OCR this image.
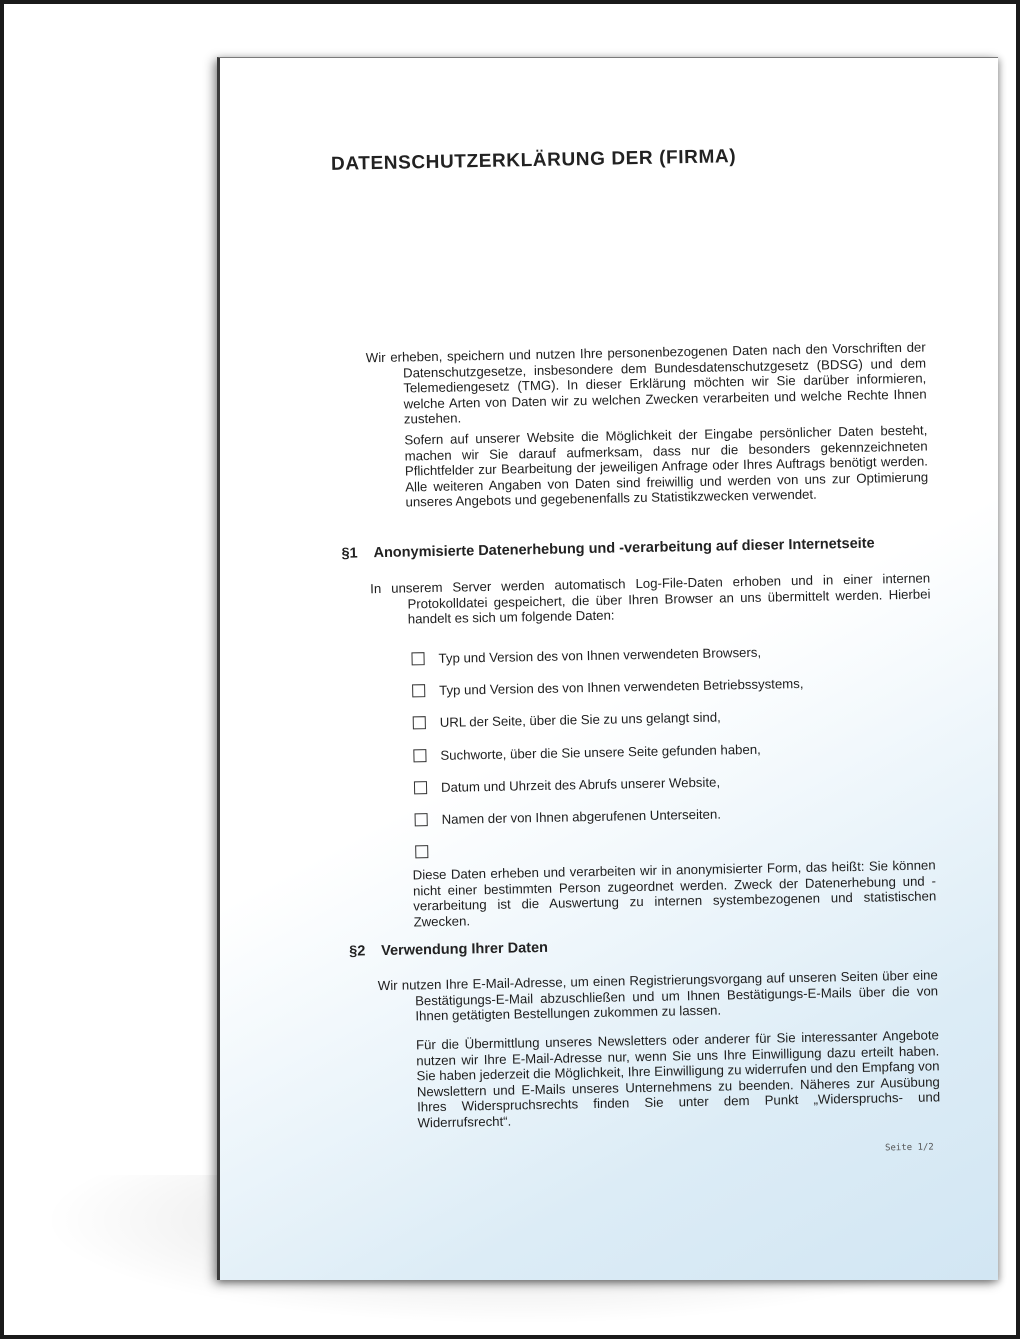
DATENSCHUTZERKLÄRUNG DER (FIRMA)
Wir erheben, speichern und nutzen Ihre personenbezogenen Daten nach den Vorschriften der Datenschutzgesetze, insbesondere dem Bundesdatenschutzgesetz (BDSG) und dem Telemediengesetz (TMG). In dieser Erklärung möchten wir Sie darüber informieren, welche Arten von Daten wir zu welchen Zwecken verarbeiten und welche Rechte Ihnen zustehen.
Sofern auf unserer Website die Möglichkeit der Eingabe persönlicher Daten besteht, machen wir Sie darauf aufmerksam, dass nur die besonders gekennzeichneten Pflichtfelder zur Bearbeitung der jeweiligen Anfrage oder Ihres Auftrags benötigt werden. Alle weiteren Angaben von Daten sind freiwillig und werden von uns zur Optimierung unseres Angebots und gegebenenfalls zu Statistikzwecken verwendet.
§1 Anonymisierte Datenerhebung und -verarbeitung auf dieser Internetseite
In unserem Server werden automatisch Log-File-Daten erhoben und in einer internen Protokolldatei gespeichert, die über Ihren Browser an uns übermittelt werden. Hierbei handelt es sich um folgende Daten:
Typ und Version des von Ihnen verwendeten Browsers,
Typ und Version des von Ihnen verwendeten Betriebssystems,
URL der Seite, über die Sie zu uns gelangt sind,
Suchworte, über die Sie unsere Seite gefunden haben,
Datum und Uhrzeit des Abrufs unserer Website,
Namen der von Ihnen abgerufenen Unterseiten.
Diese Daten erheben und verarbeiten wir in anonymisierter Form, das heißt: Sie können nicht einer bestimmten Person zugeordnet werden. Zweck der Datenerhebung und -verarbeitung ist die Auswertung zu internen systembezogenen und statistischen Zwecken.
§2 Verwendung Ihrer Daten
Wir nutzen Ihre E-Mail-Adresse, um einen Registrierungsvorgang auf unseren Seiten über eine Bestätigungs-E-Mail abzuschließen und um Ihnen Bestätigungs-E-Mails über die von Ihnen getätigten Bestellungen zukommen zu lassen.
Für die Übermittlung unseres Newsletters oder anderer für Sie interessanter Angebote nutzen wir Ihre E-Mail-Adresse nur, wenn Sie uns Ihre Einwilligung dazu erteilt haben. Sie haben jederzeit die Möglichkeit, Ihre Einwilligung zu widerrufen und den Empfang von Newslettern und E-Mails unseres Unternehmens zu beenden. Näheres zur Ausübung Ihres Widerspruchsrechts finden Sie unter dem Punkt „Widerspruchs- und Widerrufsrecht“.
Seite 1/2
